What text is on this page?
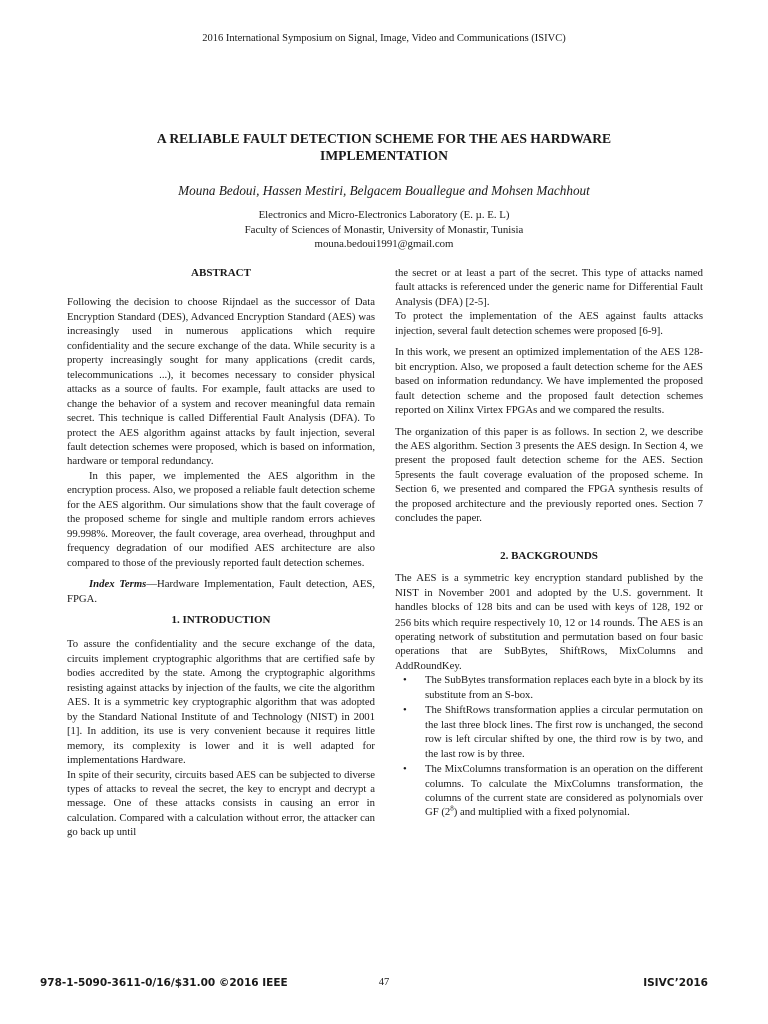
2016 International Symposium on Signal, Image, Video and Communications (ISIVC)
A RELIABLE FAULT DETECTION SCHEME FOR THE AES HARDWARE
IMPLEMENTATION
Mouna Bedoui, Hassen Mestiri, Belgacem Bouallegue and Mohsen Machhout
Electronics and Micro-Electronics Laboratory (E. µ. E. L)
Faculty of Sciences of Monastir, University of Monastir, Tunisia
mouna.bedoui1991@gmail.com
ABSTRACT

Following the decision to choose Rijndael as the successor of Data Encryption Standard (DES), Advanced Encryption Standard (AES) was increasingly used in numerous applications which require confidentiality and the secure exchange of the data. While security is a property increasingly sought for many applications (credit cards, telecommunications ...), it becomes necessary to consider physical attacks as a source of faults. For example, fault attacks are used to change the behavior of a system and recover meaningful data remain secret. This technique is called Differential Fault Analysis (DFA). To protect the AES algorithm against attacks by fault injection, several fault detection schemes were proposed, which is based on information, hardware or temporal redundancy.

In this paper, we implemented the AES algorithm in the encryption process. Also, we proposed a reliable fault detection scheme for the AES algorithm. Our simulations show that the fault coverage of the proposed scheme for single and multiple random errors achieves 99.998%. Moreover, the fault coverage, area overhead, throughput and frequency degradation of our modified AES architecture are also compared to those of the previously reported fault detection schemes.

Index Terms—Hardware Implementation, Fault detection, AES, FPGA.

1. INTRODUCTION

To assure the confidentiality and the secure exchange of the data, circuits implement cryptographic algorithms that are certified safe by bodies accredited by the state. Among the cryptographic algorithms resisting against attacks by injection of the faults, we cite the algorithm AES. It is a symmetric key cryptographic algorithm that was adopted by the Standard National Institute of and Technology (NIST) in 2001 [1]. In addition, its use is very convenient because it requires little memory, its complexity is lower and it is well adapted for implementations Hardware.

In spite of their security, circuits based AES can be subjected to diverse types of attacks to reveal the secret, the key to encrypt and decrypt a message. One of these attacks consists in causing an error in calculation. Compared with a calculation without error, the attacker can go back up until

the secret or at least a part of the secret. This type of attacks named fault attacks is referenced under the generic name for Differential Fault Analysis (DFA) [2-5].

To protect the implementation of the AES against faults attacks injection, several fault detection schemes were proposed [6-9].

In this work, we present an optimized implementation of the AES 128-bit encryption. Also, we proposed a fault detection scheme for the AES based on information redundancy. We have implemented the proposed fault detection scheme and the proposed fault detection schemes reported on Xilinx Virtex FPGAs and we compared the results.

The organization of this paper is as follows. In section 2, we describe the AES algorithm. Section 3 presents the AES design. In Section 4, we present the proposed fault detection scheme for the AES. Section 5presents the fault coverage evaluation of the proposed scheme. In Section 6, we presented and compared the FPGA synthesis results of the proposed architecture and the previously reported ones. Section 7 concludes the paper.

2. BACKGROUNDS

The AES is a symmetric key encryption standard published by the NIST in November 2001 and adopted by the U.S. government. It handles blocks of 128 bits and can be used with keys of 128, 192 or 256 bits which require respectively 10, 12 or 14 rounds. The AES is an operating network of substitution and permutation based on four basic operations that are SubBytes, ShiftRows, MixColumns and AddRoundKey.

• The SubBytes transformation replaces each byte in a block by its substitute from an S-box.
• The ShiftRows transformation applies a circular permutation on the last three block lines. The first row is unchanged, the second row is left circular shifted by one, the third row is by two, and the last row is by three.
• The MixColumns transformation is an operation on the different columns. To calculate the MixColumns transformation, the columns of the current state are considered as polynomials over GF $(2^8)$ and multiplied with a fixed polynomial.
978-1-5090-3611-0/16/$31.00 ©2016 IEEE	47	ISIVC’2016
